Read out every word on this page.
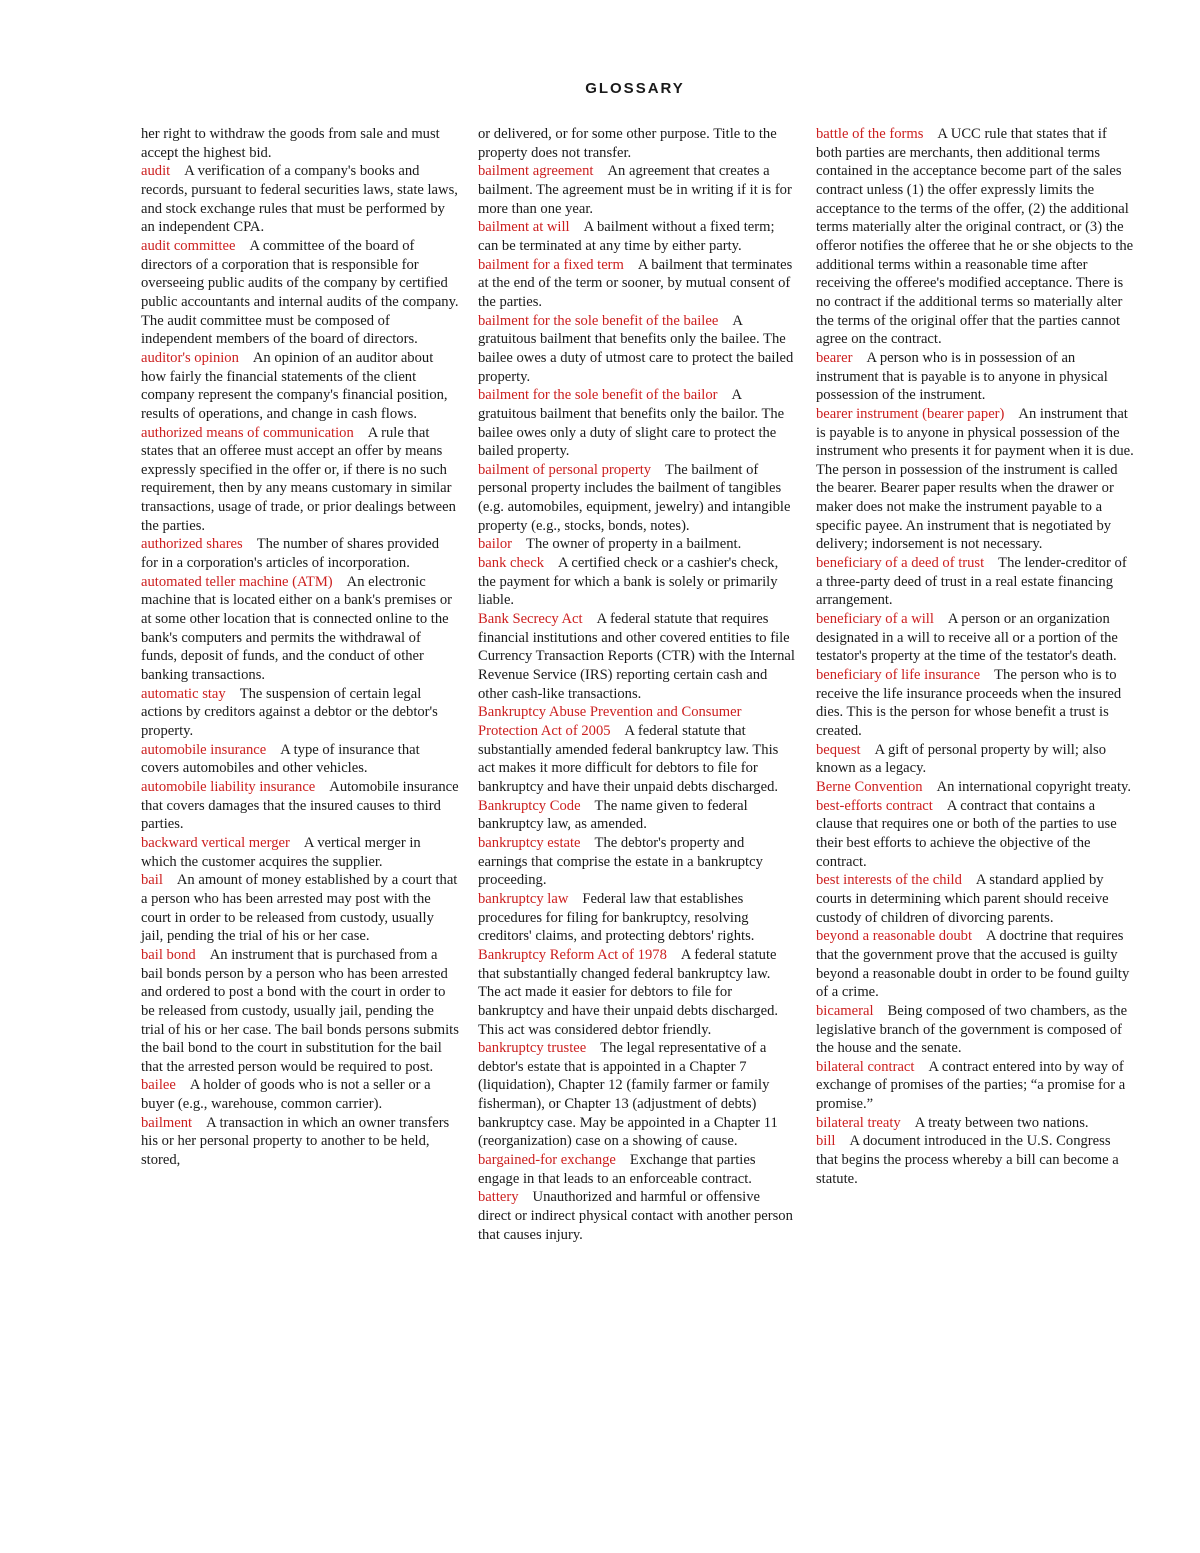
GLOSSARY

her right to withdraw the goods from sale and must accept the highest bid.

audit A verification of a company's books and records, pursuant to federal securities laws, state laws, and stock exchange rules that must be performed by an independent CPA.

audit committee A committee of the board of directors of a corporation that is responsible for overseeing public audits of the company by certified public accountants and internal audits of the company. The audit committee must be composed of independent members of the board of directors.

auditor's opinion An opinion of an auditor about how fairly the financial statements of the client company represent the company's financial position, results of operations, and change in cash flows.

authorized means of communication A rule that states that an offeree must accept an offer by means expressly specified in the offer or, if there is no such requirement, then by any means customary in similar transactions, usage of trade, or prior dealings between the parties.

authorized shares The number of shares provided for in a corporation's articles of incorporation.

automated teller machine (ATM) An electronic machine that is located either on a bank's premises or at some other location that is connected online to the bank's computers and permits the withdrawal of funds, deposit of funds, and the conduct of other banking transactions.

automatic stay The suspension of certain legal actions by creditors against a debtor or the debtor's property.

automobile insurance A type of insurance that covers automobiles and other vehicles.

automobile liability insurance Automobile insurance that covers damages that the insured causes to third parties.

backward vertical merger A vertical merger in which the customer acquires the supplier.

bail An amount of money established by a court that a person who has been arrested may post with the court in order to be released from custody, usually jail, pending the trial of his or her case.

bail bond An instrument that is purchased from a bail bonds person by a person who has been arrested and ordered to post a bond with the court in order to be released from custody, usually jail, pending the trial of his or her case. The bail bonds persons submits the bail bond to the court in substitution for the bail that the arrested person would be required to post.

bailee A holder of goods who is not a seller or a buyer (e.g., warehouse, common carrier).

bailment A transaction in which an owner transfers his or her personal property to another to be held, stored,

or delivered, or for some other purpose. Title to the property does not transfer.

bailment agreement An agreement that creates a bailment. The agreement must be in writing if it is for more than one year.

bailment at will A bailment without a fixed term; can be terminated at any time by either party.

bailment for a fixed term A bailment that terminates at the end of the term or sooner, by mutual consent of the parties.

bailment for the sole benefit of the bailee A gratuitous bailment that benefits only the bailee. The bailee owes a duty of utmost care to protect the bailed property.

bailment for the sole benefit of the bailor A gratuitous bailment that benefits only the bailor. The bailee owes only a duty of slight care to protect the bailed property.

bailment of personal property The bailment of personal property includes the bailment of tangibles (e.g. automobiles, equipment, jewelry) and intangible property (e.g., stocks, bonds, notes).

bailor The owner of property in a bailment.

bank check A certified check or a cashier's check, the payment for which a bank is solely or primarily liable.

Bank Secrecy Act A federal statute that requires financial institutions and other covered entities to file Currency Transaction Reports (CTR) with the Internal Revenue Service (IRS) reporting certain cash and other cash-like transactions.

Bankruptcy Abuse Prevention and Consumer Protection Act of 2005 A federal statute that substantially amended federal bankruptcy law. This act makes it more difficult for debtors to file for bankruptcy and have their unpaid debts discharged.

Bankruptcy Code The name given to federal bankruptcy law, as amended.

bankruptcy estate The debtor's property and earnings that comprise the estate in a bankruptcy proceeding.

bankruptcy law Federal law that establishes procedures for filing for bankruptcy, resolving creditors' claims, and protecting debtors' rights.

Bankruptcy Reform Act of 1978 A federal statute that substantially changed federal bankruptcy law. The act made it easier for debtors to file for bankruptcy and have their unpaid debts discharged. This act was considered debtor friendly.

bankruptcy trustee The legal representative of a debtor's estate that is appointed in a Chapter 7 (liquidation), Chapter 12 (family farmer or family fisherman), or Chapter 13 (adjustment of debts) bankruptcy case. May be appointed in a Chapter 11 (reorganization) case on a showing of cause.

bargained-for exchange Exchange that parties engage in that leads to an enforceable contract.

battery Unauthorized and harmful or offensive direct or indirect physical contact with another person that causes injury.

battle of the forms A UCC rule that states that if both parties are merchants, then additional terms contained in the acceptance become part of the sales contract unless (1) the offer expressly limits the acceptance to the terms of the offer, (2) the additional terms materially alter the original contract, or (3) the offeror notifies the offeree that he or she objects to the additional terms within a reasonable time after receiving the offeree's modified acceptance. There is no contract if the additional terms so materially alter the terms of the original offer that the parties cannot agree on the contract.

bearer A person who is in possession of an instrument that is payable is to anyone in physical possession of the instrument.

bearer instrument (bearer paper) An instrument that is payable is to anyone in physical possession of the instrument who presents it for payment when it is due. The person in possession of the instrument is called the bearer. Bearer paper results when the drawer or maker does not make the instrument payable to a specific payee. An instrument that is negotiated by delivery; indorsement is not necessary.

beneficiary of a deed of trust The lender-creditor of a three-party deed of trust in a real estate financing arrangement.

beneficiary of a will A person or an organization designated in a will to receive all or a portion of the testator's property at the time of the testator's death.

beneficiary of life insurance The person who is to receive the life insurance proceeds when the insured dies. This is the person for whose benefit a trust is created.

bequest A gift of personal property by will; also known as a legacy.

Berne Convention An international copyright treaty.

best-efforts contract A contract that contains a clause that requires one or both of the parties to use their best efforts to achieve the objective of the contract.

best interests of the child A standard applied by courts in determining which parent should receive custody of children of divorcing parents.

beyond a reasonable doubt A doctrine that requires that the government prove that the accused is guilty beyond a reasonable doubt in order to be found guilty of a crime.

bicameral Being composed of two chambers, as the legislative branch of the government is composed of the house and the senate.

bilateral contract A contract entered into by way of exchange of promises of the parties; “a promise for a promise.”

bilateral treaty A treaty between two nations.

bill A document introduced in the U.S. Congress that begins the process whereby a bill can become a statute.
